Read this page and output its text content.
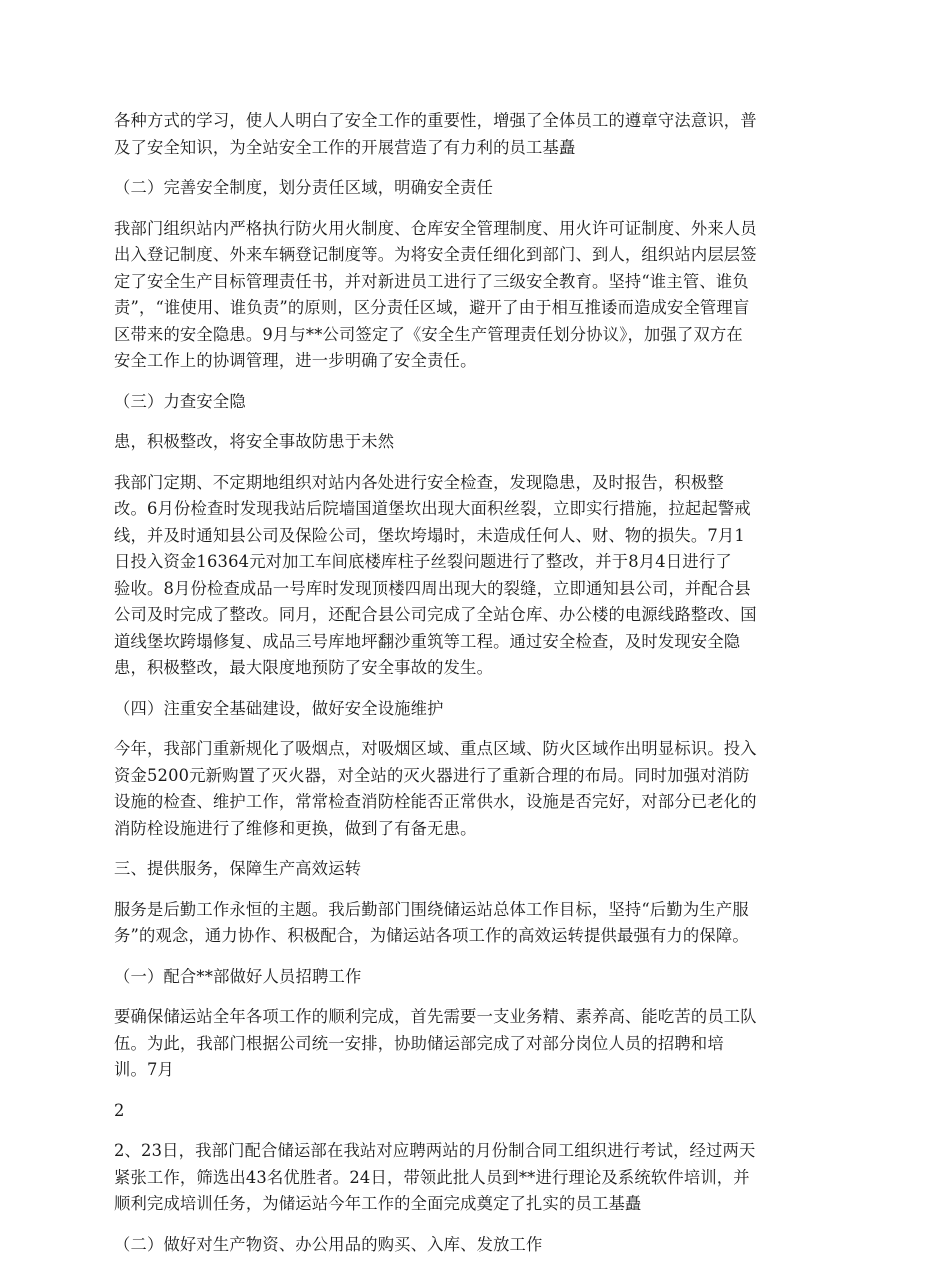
各种方式的学习，使人人明白了安全工作的重要性，增强了全体员工的遵章守法意识，普
及了安全知识，为全站安全工作的开展营造了有力利的员工基矗

（二）完善安全制度，划分责任区域，明确安全责任

我部门组织站内严格执行防火用火制度、仓库安全管理制度、用火许可证制度、外来人员
出入登记制度、外来车辆登记制度等。为将安全责任细化到部门、到人，组织站内层层签
定了安全生产目标管理责任书，并对新进员工进行了三级安全教育。坚持“谁主管、谁负
责”，“谁使用、谁负责”的原则，区分责任区域，避开了由于相互推诿而造成安全管理盲
区带来的安全隐患。9月与**公司签定了《安全生产管理责任划分协议》，加强了双方在
安全工作上的协调管理，进一步明确了安全责任。

（三）力查安全隐

患，积极整改，将安全事故防患于未然

我部门定期、不定期地组织对站内各处进行安全检查，发现隐患，及时报告，积极整
改。6月份检查时发现我站后院墙国道堡坎出现大面积丝裂，立即实行措施，拉起起警戒
线，并及时通知县公司及保险公司，堡坎垮塌时，未造成任何人、财、物的损失。7月1
日投入资金16364元对加工车间底楼库柱子丝裂问题进行了整改，并于8月4日进行了
验收。8月份检查成品一号库时发现顶楼四周出现大的裂缝，立即通知县公司，并配合县
公司及时完成了整改。同月，还配合县公司完成了全站仓库、办公楼的电源线路整改、国
道线堡坎跨塌修复、成品三号库地坪翻沙重筑等工程。通过安全检查，及时发现安全隐
患，积极整改，最大限度地预防了安全事故的发生。

（四）注重安全基础建设，做好安全设施维护

今年，我部门重新规化了吸烟点，对吸烟区域、重点区域、防火区域作出明显标识。投入
资金5200元新购置了灭火器，对全站的灭火器进行了重新合理的布局。同时加强对消防
设施的检查、维护工作，常常检查消防栓能否正常供水，设施是否完好，对部分已老化的
消防栓设施进行了维修和更换，做到了有备无患。

三、提供服务，保障生产高效运转

服务是后勤工作永恒的主题。我后勤部门围绕储运站总体工作目标，坚持“后勤为生产服
务”的观念，通力协作、积极配合，为储运站各项工作的高效运转提供最强有力的保障。

（一）配合**部做好人员招聘工作

要确保储运站全年各项工作的顺利完成，首先需要一支业务精、素养高、能吃苦的员工队
伍。为此，我部门根据公司统一安排，协助储运部完成了对部分岗位人员的招聘和培
训。7月

2

2、23日，我部门配合储运部在我站对应聘两站的月份制合同工组织进行考试，经过两天
紧张工作，筛选出43名优胜者。24日，带领此批人员到**进行理论及系统软件培训，并
顺利完成培训任务，为储运站今年工作的全面完成奠定了扎实的员工基矗

（二）做好对生产物资、办公用品的购买、入库、发放工作
